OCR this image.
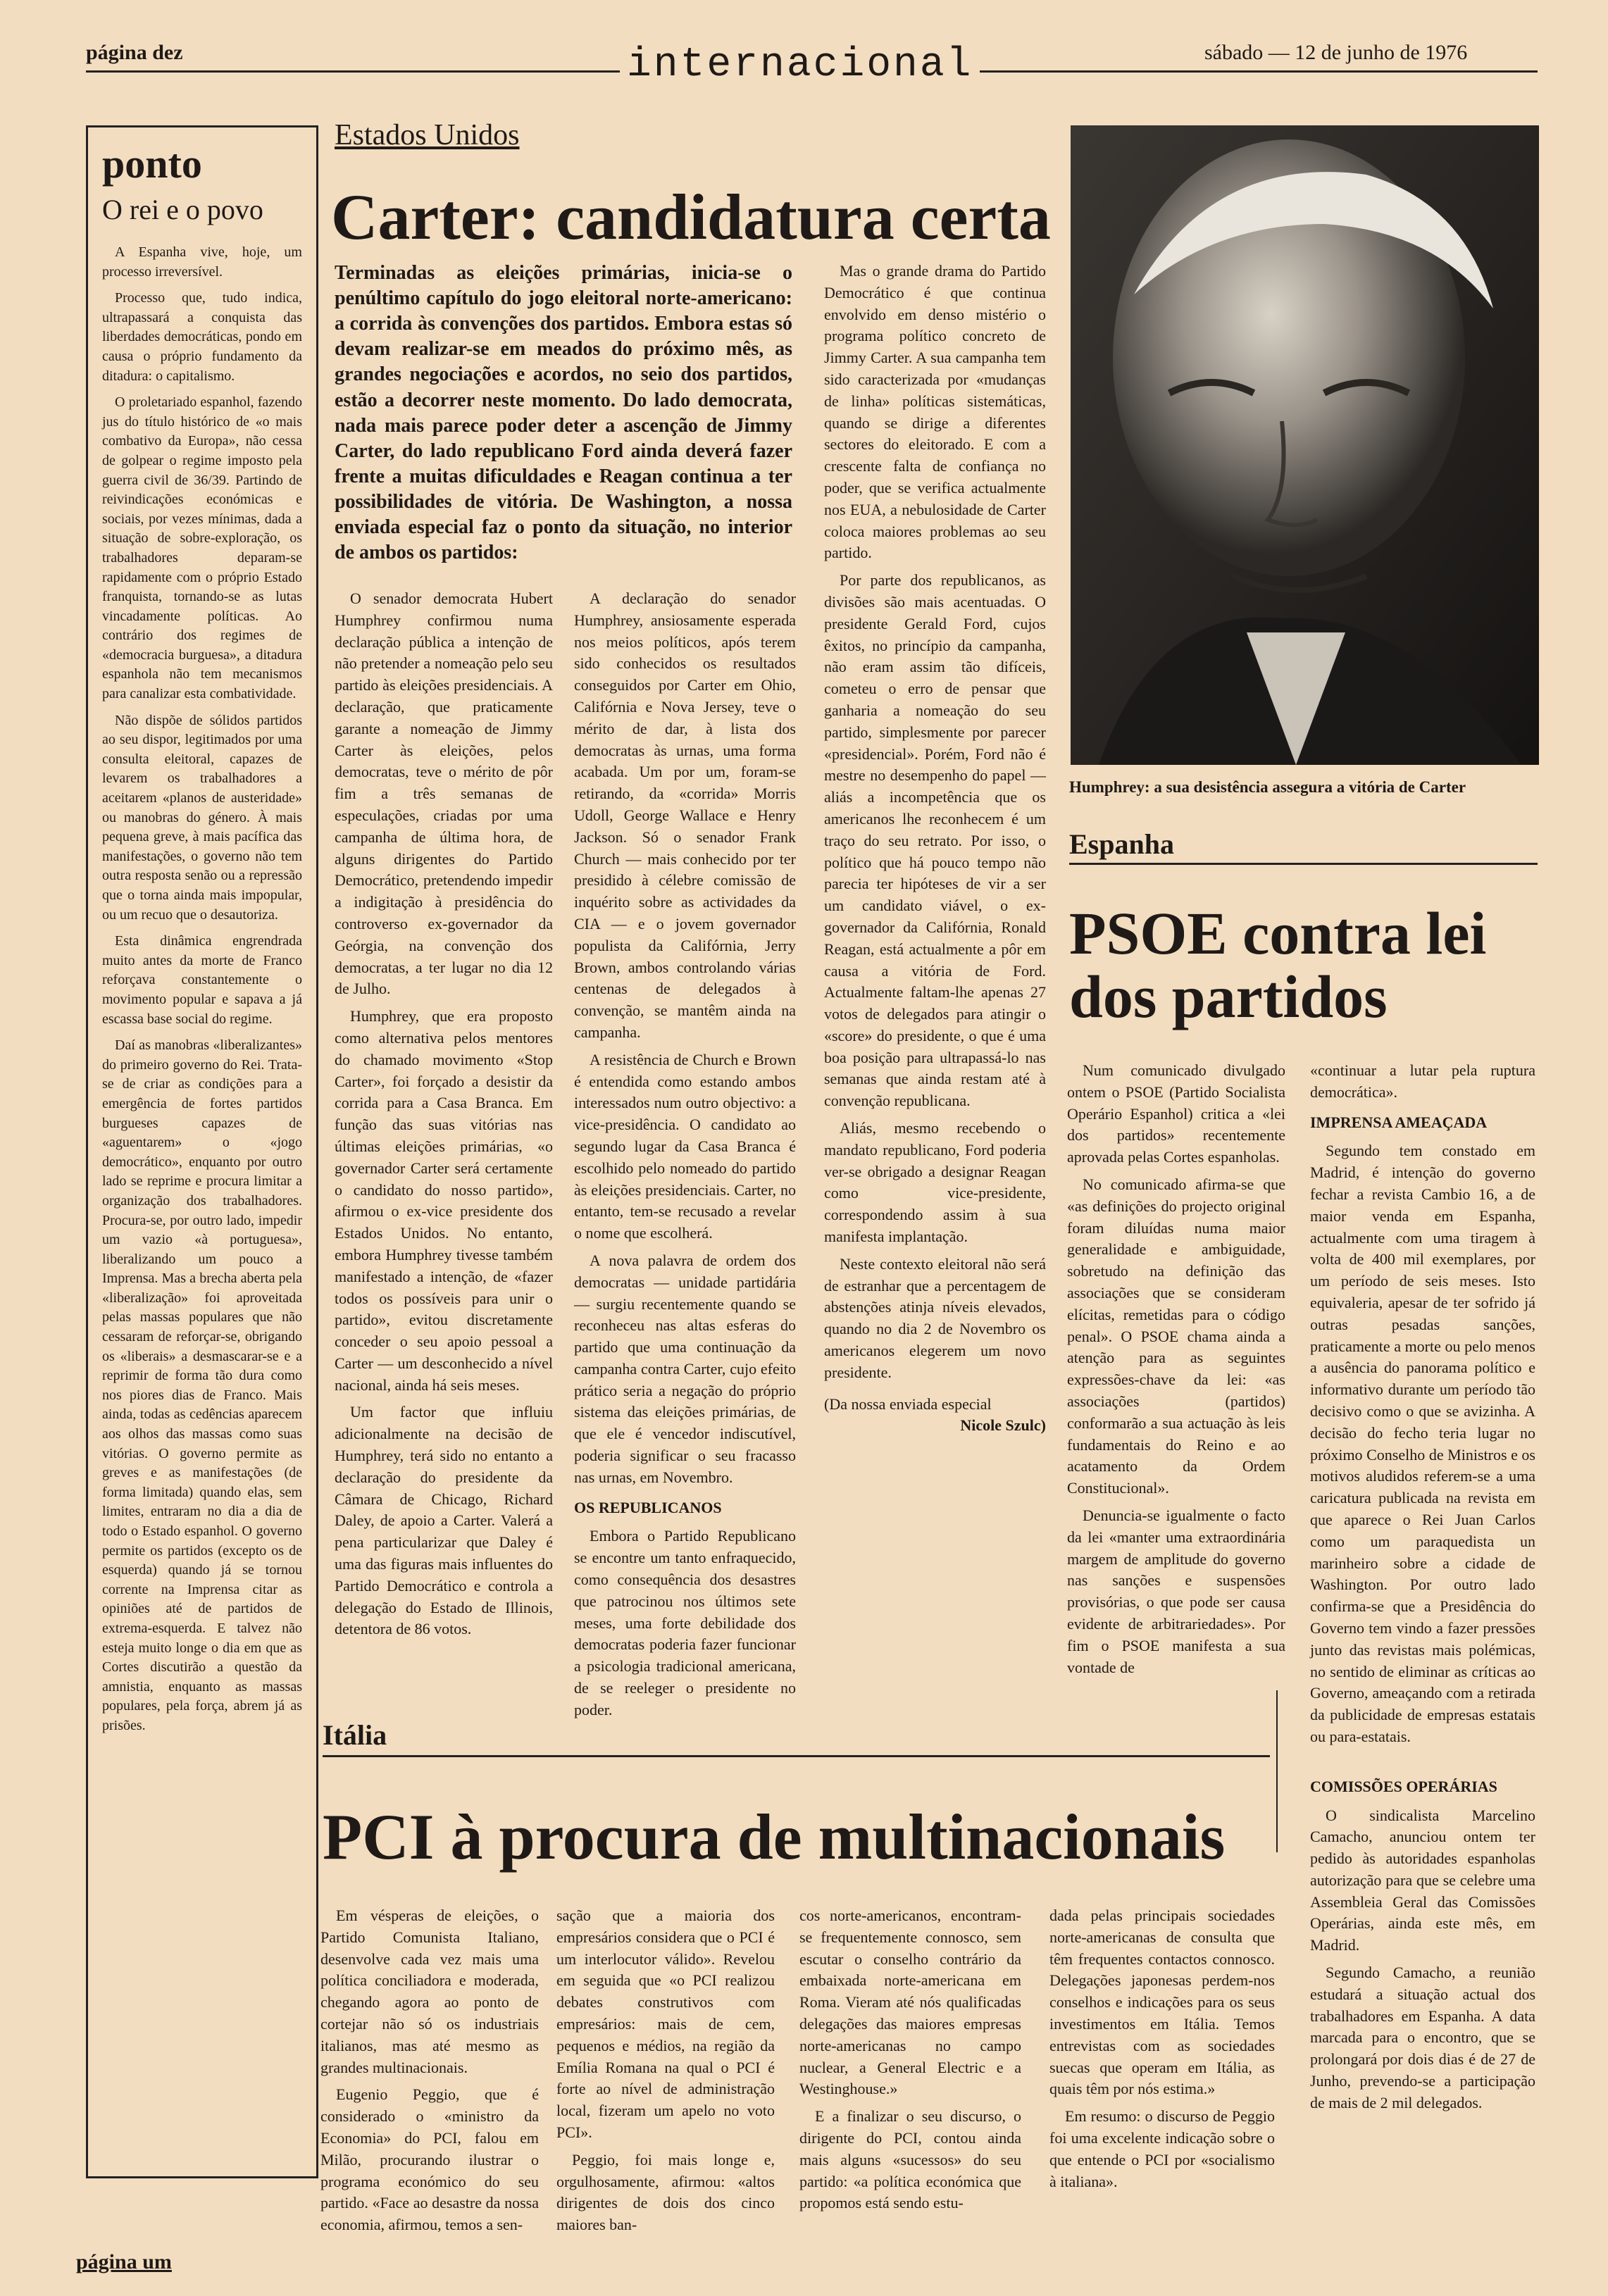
página dez	internacional	sábado — 12 de junho de 1976
ponto
O rei e o povo

A Espanha vive, hoje, um processo irreversível.

Processo que, tudo indica, ultrapassará a conquista das liberdades democráticas, pondo em causa o próprio fundamento da ditadura: o capitalismo.

O proletariado espanhol, fazendo jus do título histórico de «o mais combativo da Europa», não cessa de golpear o regime imposto pela guerra civil de 36/39. Partindo de reivindicações económicas e sociais, por vezes mínimas, dada a situação de sobre-exploração, os trabalhadores deparam-se rapidamente com o próprio Estado franquista, tornando-se as lutas vincadamente políticas. Ao contrário dos regimes de «democracia burguesa», a ditadura espanhola não tem mecanismos para canalizar esta combatividade.

Não dispõe de sólidos partidos ao seu dispor, legitimados por uma consulta eleitoral, capazes de levarem os trabalhadores a aceitarem «planos de austeridade» ou manobras do género. À mais pequena greve, à mais pacífica das manifestações, o governo não tem outra resposta senão ou a repressão que o torna ainda mais impopular, ou um recuo que o desautoriza.

Esta dinâmica engrendrada muito antes da morte de Franco reforçava constantemente o movimento popular e sapava a já escassa base social do regime.

Daí as manobras «liberalizantes» do primeiro governo do Rei. Trata-se de criar as condições para a emergência de fortes partidos burgueses capazes de «aguentarem» o «jogo democrático», enquanto por outro lado se reprime e procura limitar a organização dos trabalhadores. Procura-se, por outro lado, impedir um vazio «à portuguesa», liberalizando um pouco a Imprensa. Mas a brecha aberta pela «liberalização» foi aproveitada pelas massas populares que não cessaram de reforçar-se, obrigando os «liberais» a desmascarar-se e a reprimir de forma tão dura como nos piores dias de Franco. Mais ainda, todas as cedências aparecem aos olhos das massas como suas vitórias. O governo permite as greves e as manifestações (de forma limitada) quando elas, sem limites, entraram no dia a dia de todo o Estado espanhol. O governo permite os partidos (excepto os de esquerda) quando já se tornou corrente na Imprensa citar as opiniões até de partidos de extrema-esquerda. E talvez não esteja muito longe o dia em que as Cortes discutirão a questão da amnistia, enquanto as massas populares, pela força, abrem já as prisões.

página um
Estados Unidos
Carter: candidatura certa
Terminadas as eleições primárias, inicia-se o penúltimo capítulo do jogo eleitoral norte-americano: a corrida às convenções dos partidos. Embora estas só devam realizar-se em meados do próximo mês, as grandes negociações e acordos, no seio dos partidos, estão a decorrer neste momento. Do lado democrata, nada mais parece poder deter a ascenção de Jimmy Carter, do lado republicano Ford ainda deverá fazer frente a muitas dificuldades e Reagan continua a ter possibilidades de vitória. De Washington, a nossa enviada especial faz o ponto da situação, no interior de ambos os partidos:

O senador democrata Hubert Humphrey confirmou numa declaração pública a intenção de não pretender a nomeação pelo seu partido às eleições presidenciais. A declaração, que praticamente garante a nomeação de Jimmy Carter às eleições, pelos democratas, teve o mérito de pôr fim a três semanas de especulações, criadas por uma campanha de última hora, de alguns dirigentes do Partido Democrático, pretendendo impedir a indigitação à presidência do controverso ex-governador da Geórgia, na convenção dos democratas, a ter lugar no dia 12 de Julho.

Humphrey, que era proposto como alternativa pelos mentores do chamado movimento «Stop Carter», foi forçado a desistir da corrida para a Casa Branca. Em função das suas vitórias nas últimas eleições primárias, «o governador Carter será certamente o candidato do nosso partido», afirmou o ex-vice presidente dos Estados Unidos. No entanto, embora Humphrey tivesse também manifestado a intenção, de «fazer todos os possíveis para unir o partido», evitou discretamente conceder o seu apoio pessoal a Carter — um desconhecido a nível nacional, ainda há seis meses.

Um factor que influiu adicionalmente na decisão de Humphrey, terá sido no entanto a declaração do presidente da Câmara de Chicago, Richard Daley, de apoio a Carter. Valerá a pena particularizar que Daley é uma das figuras mais influentes do Partido Democrático e controla a delegação do Estado de Illinois, detentora de 86 votos.

A declaração do senador Humphrey, ansiosamente esperada nos meios políticos, após terem sido conhecidos os resultados conseguidos por Carter em Ohio, Califórnia e Nova Jersey, teve o mérito de dar, à lista dos democratas às urnas, uma forma acabada. Um por um, foram-se retirando, da «corrida» Morris Udoll, George Wallace e Henry Jackson. Só o senador Frank Church — mais conhecido por ter presidido à célebre comissão de inquérito sobre as actividades da CIA — e o jovem governador populista da Califórnia, Jerry Brown, ambos controlando várias centenas de delegados à convenção, se mantêm ainda na campanha.

A resistência de Church e Brown é entendida como estando ambos interessados num outro objectivo: a vice-presidência. O candidato ao segundo lugar da Casa Branca é escolhido pelo nomeado do partido às eleições presidenciais. Carter, no entanto, tem-se recusado a revelar o nome que escolherá.

A nova palavra de ordem dos democratas — unidade partidária — surgiu recentemente quando se reconheceu nas altas esferas do partido que uma continuação da campanha contra Carter, cujo efeito prático seria a negação do próprio sistema das eleições primárias, de que ele é vencedor indiscutível, poderia significar o seu fracasso nas urnas, em Novembro.

OS REPUBLICANOS

Embora o Partido Republicano se encontre um tanto enfraquecido, como consequência dos desastres que patrocinou nos últimos sete meses, uma forte debilidade dos democratas poderia fazer funcionar a psicologia tradicional americana, de se reeleger o presidente no poder.

Mas o grande drama do Partido Democrático é que continua envolvido em denso mistério o programa político concreto de Jimmy Carter. A sua campanha tem sido caracterizada por «mudanças de linha» políticas sistemáticas, quando se dirige a diferentes sectores do eleitorado. E com a crescente falta de confiança no poder, que se verifica actualmente nos EUA, a nebulosidade de Carter coloca maiores problemas ao seu partido.

Por parte dos republicanos, as divisões são mais acentuadas. O presidente Gerald Ford, cujos êxitos, no princípio da campanha, não eram assim tão difíceis, cometeu o erro de pensar que ganharia a nomeação do seu partido, simplesmente por parecer «presidencial». Porém, Ford não é mestre no desempenho do papel — aliás a incompetência que os americanos lhe reconhecem é um traço do seu retrato. Por isso, o político que há pouco tempo não parecia ter hipóteses de vir a ser um candidato viável, o ex-governador da Califórnia, Ronald Reagan, está actualmente a pôr em causa a vitória de Ford. Actualmente faltam-lhe apenas 27 votos de delegados para atingir o «score» do presidente, o que é uma boa posição para ultrapassá-lo nas semanas que ainda restam até à convenção republicana.

Aliás, mesmo recebendo o mandato republicano, Ford poderia ver-se obrigado a designar Reagan como vice-presidente, correspondendo assim à sua manifesta implantação.

Neste contexto eleitoral não será de estranhar que a percentagem de abstenções atinja níveis elevados, quando no dia 2 de Novembro os americanos elegerem um novo presidente.

(Da nossa enviada especial

Nicole Szulc)
Humphrey: a sua desistência assegura a vitória de Carter
Espanha
PSOE contra lei dos partidos

Num comunicado divulgado ontem o PSOE (Partido Socialista Operário Espanhol) critica a «lei dos partidos» recentemente aprovada pelas Cortes espanholas.

No comunicado afirma-se que «as definições do projecto original foram diluídas numa maior generalidade e ambiguidade, sobretudo na definição das associações que se consideram elícitas, remetidas para o código penal». O PSOE chama ainda a atenção para as seguintes expressões-chave da lei: «as associações (partidos) conformarão a sua actuação às leis fundamentais do Reino e ao acatamento da Ordem Constitucional».

Denuncia-se igualmente o facto da lei «manter uma extraordinária margem de amplitude do governo nas sanções e suspensões provisórias, o que pode ser causa evidente de arbitrariedades». Por fim o PSOE manifesta a sua vontade de

«continuar a lutar pela ruptura democrática».

IMPRENSA AMEAÇADA

Segundo tem constado em Madrid, é intenção do governo fechar a revista Cambio 16, a de maior venda em Espanha, actualmente com uma tiragem à volta de 400 mil exemplares, por um período de seis meses. Isto equivaleria, apesar de ter sofrido já outras pesadas sanções, praticamente a morte ou pelo menos a ausência do panorama político e informativo durante um período tão decisivo como o que se avizinha. A decisão do fecho teria lugar no próximo Conselho de Ministros e os motivos aludidos referem-se a uma caricatura publicada na revista em que aparece o Rei Juan Carlos como um paraquedista un marinheiro sobre a cidade de Washington. Por outro lado confirma-se que a Presidência do Governo tem vindo a fazer pressões junto das revistas mais polémicas, no sentido de eliminar as críticas ao Governo, ameaçando com a retirada da publicidade de empresas estatais ou para-estatais.

COMISSÕES OPERÁRIAS

O sindicalista Marcelino Camacho, anunciou ontem ter pedido às autoridades espanholas autorização para que se celebre uma Assembleia Geral das Comissões Operárias, ainda este mês, em Madrid.

Segundo Camacho, a reunião estudará a situação actual dos trabalhadores em Espanha. A data marcada para o encontro, que se prolongará por dois dias é de 27 de Junho, prevendo-se a participação de mais de 2 mil delegados.

Itália
PCI à procura de multinacionais

Em vésperas de eleições, o Partido Comunista Italiano, desenvolve cada vez mais uma política conciliadora e moderada, chegando agora ao ponto de cortejar não só os industriais italianos, mas até mesmo as grandes multinacionais.

Eugenio Peggio, que é considerado o «ministro da Economia» do PCI, falou em Milão, procurando ilustrar o programa económico do seu partido. «Face ao desastre da nossa economia, afirmou, temos a sen-

sação que a maioria dos empresários considera que o PCI é um interlocutor válido». Revelou em seguida que «o PCI realizou debates construtivos com empresários: mais de cem, pequenos e médios, na região da Emília Romana na qual o PCI é forte ao nível de administração local, fizeram um apelo no voto PCI».

Peggio, foi mais longe e, orgulhosamente, afirmou: «altos dirigentes de dois dos cinco maiores ban-

cos norte-americanos, encontram-se frequentemente connosco, sem escutar o conselho contrário da embaixada norte-americana em Roma. Vieram até nós qualificadas delegações das maiores empresas norte-americanas no campo nuclear, a General Electric e a Westinghouse.»

E a finalizar o seu discurso, o dirigente do PCI, contou ainda mais alguns «sucessos» do seu partido: «a política económica que propomos está sendo estu-

dada pelas principais sociedades norte-americanas de consulta que têm frequentes contactos connosco. Delegações japonesas perdem-nos conselhos e indicações para os seus investimentos em Itália. Temos entrevistas com as sociedades suecas que operam em Itália, as quais têm por nós estima.»

Em resumo: o discurso de Peggio foi uma excelente indicação sobre o que entende o PCI por «socialismo à italiana».
